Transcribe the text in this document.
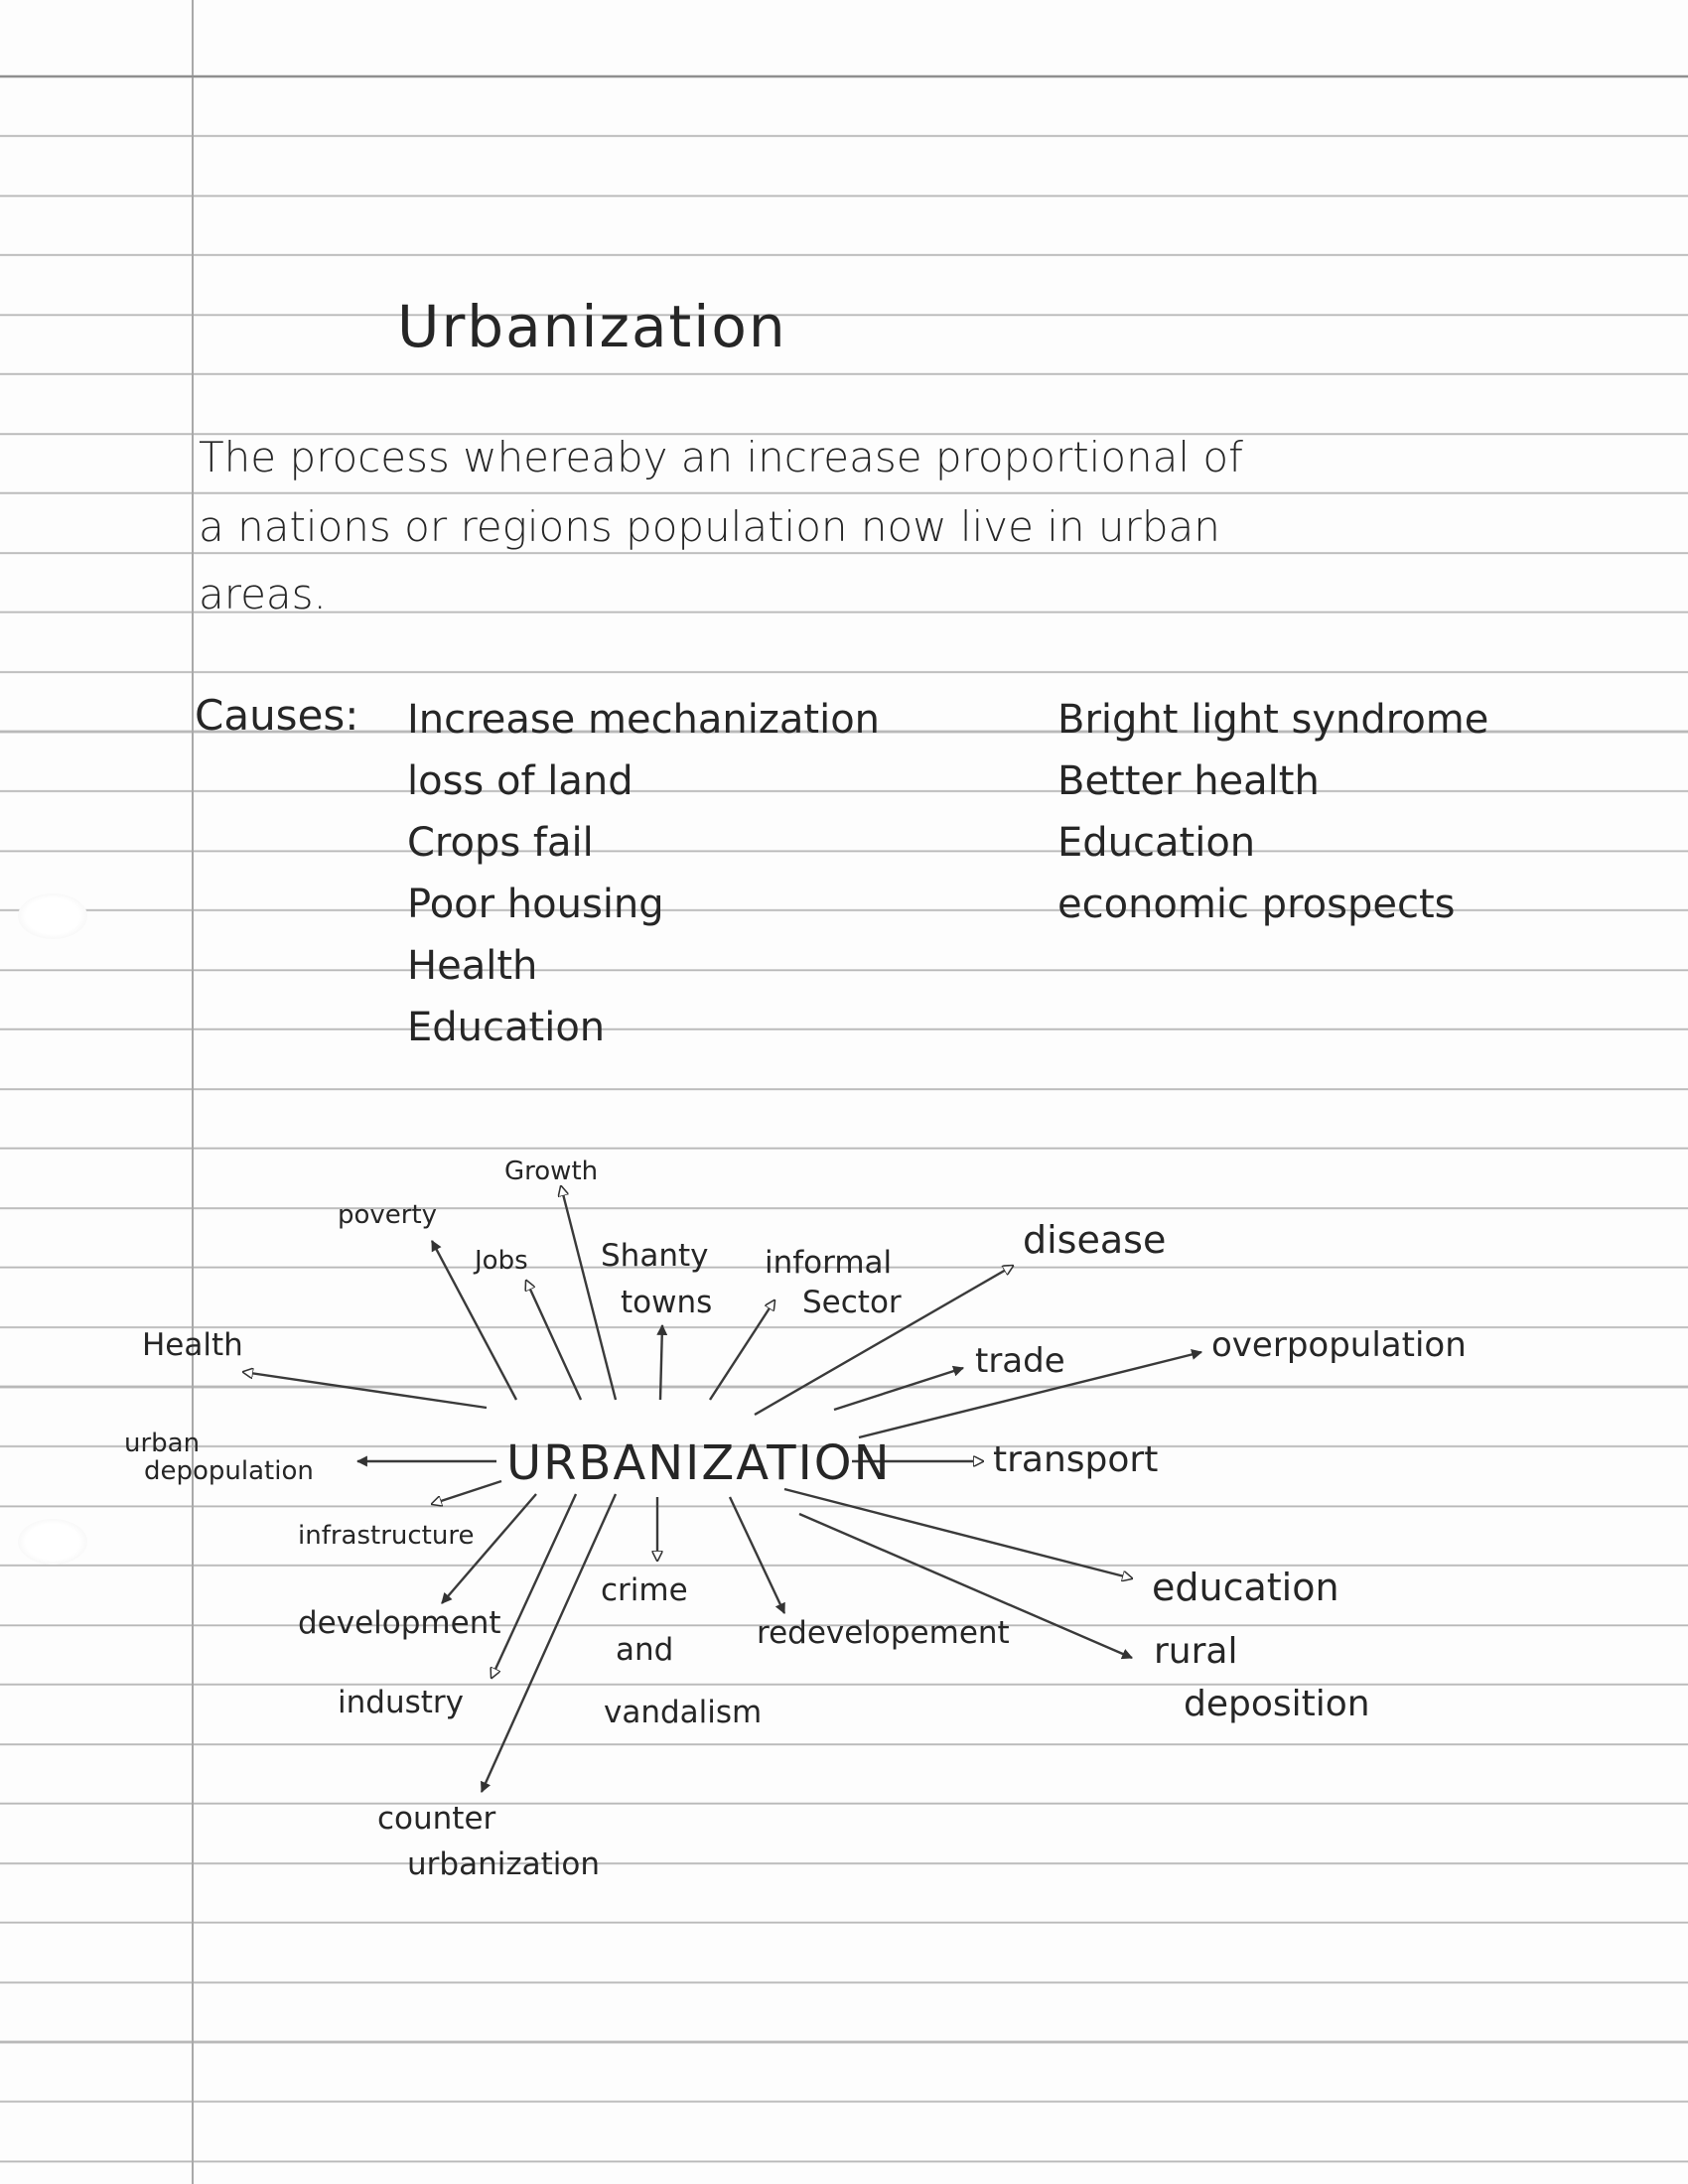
Urbanization
The process whereaby an increase proportional of
a nations or regions population now live in urban
areas.
Causes: Increase mechanization
loss of land
Crops fail
Poor housing
Health
Education
Bright light syndrome
Better health
Education
economic prospects
URBANIZATION
Growth
poverty
Jobs Shanty
towns
informal
Sector
disease
trade	overpopulation
Health
urban
depopulation	transport
infrastructure
development
crime
and
vandalism
redevelopement
education
rural
deposition
industry
counter
urbanization
